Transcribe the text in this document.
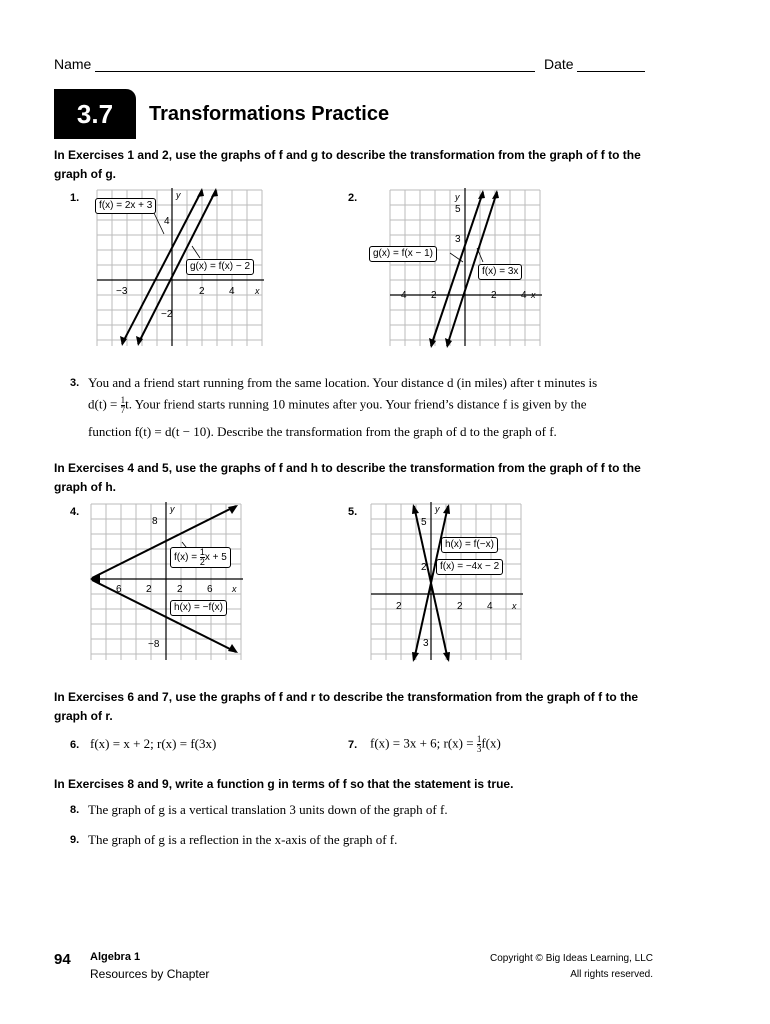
Name	Date
3.7	Transformations Practice
In Exercises 1 and 2, use the graphs of f and g to describe the transformation from the graph of f to the graph of g.
1.	y
4
−2
−3	2 4 x
f(x) = 2x + 3
g(x) = f(x) − 2
2.	y
5
3
4 2	2 4 x
g(x) = f(x − 1)
f(x) = 3x
3. You and a friend start running from the same location. Your distance d (in miles) after t minutes is
$d(t) = \frac{1}{7} t$. Your friend starts running 10 minutes after you. Your friend’s distance f is given by the
function f(t) = d(t − 10). Describe the transformation from the graph of d to the graph of f.
In Exercises 4 and 5, use the graphs of f and h to describe the transformation from the graph of f to the graph of h.
4.	y
8
−8
6 2	2 6 x
$f(x) = \frac{1}{2}$ x + 5
h(x) = −f(x)
5.	y
5
2
3
2	2 4 x
h(x) = f(−x)
f(x) = −4x − 2
In Exercises 6 and 7, use the graphs of f and r to describe the transformation from the graph of f to the graph of r.
6. f(x) = x + 2; r(x) = f(3x)	7. f(x) = 3x + 6; $r(x) = \frac{1}{3} f(x)$
In Exercises 8 and 9, write a function g in terms of f so that the statement is true.
8. The graph of g is a vertical translation 3 units down of the graph of f.
9. The graph of g is a reflection in the x-axis of the graph of f.
94 Algebra 1
Resources by Chapter
Copyright © Big Ideas Learning, LLC
All rights reserved.
